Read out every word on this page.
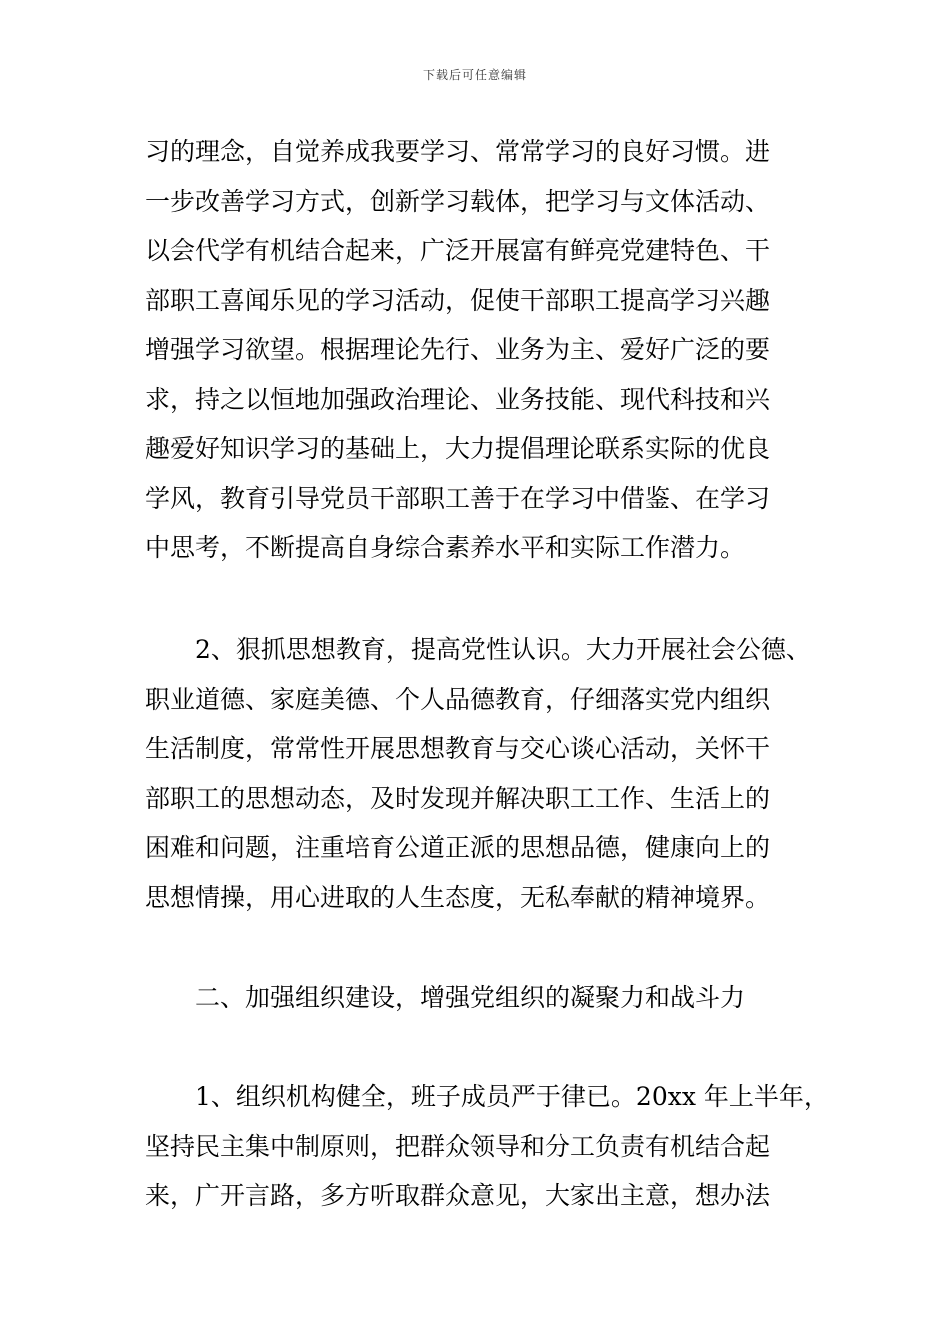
下载后可任意编辑
习的理念，自觉养成我要学习、常常学习的良好习惯。进
一步改善学习方式，创新学习载体，把学习与文体活动、
以会代学有机结合起来，广泛开展富有鲜亮党建特色、干
部职工喜闻乐见的学习活动，促使干部职工提高学习兴趣
增强学习欲望。根据理论先行、业务为主、爱好广泛的要
求，持之以恒地加强政治理论、业务技能、现代科技和兴
趣爱好知识学习的基础上，大力提倡理论联系实际的优良
学风，教育引导党员干部职工善于在学习中借鉴、在学习
中思考，不断提高自身综合素养水平和实际工作潜力。
2、狠抓思想教育，提高党性认识。大力开展社会公德、
职业道德、家庭美德、个人品德教育，仔细落实党内组织
生活制度，常常性开展思想教育与交心谈心活动，关怀干
部职工的思想动态，及时发现并解决职工工作、生活上的
困难和问题，注重培育公道正派的思想品德，健康向上的
思想情操，用心进取的人生态度，无私奉献的精神境界。
二、加强组织建设，增强党组织的凝聚力和战斗力
1、组织机构健全，班子成员严于律已。20xx 年上半年，
坚持民主集中制原则，把群众领导和分工负责有机结合起
来，广开言路，多方听取群众意见，大家出主意，想办法
